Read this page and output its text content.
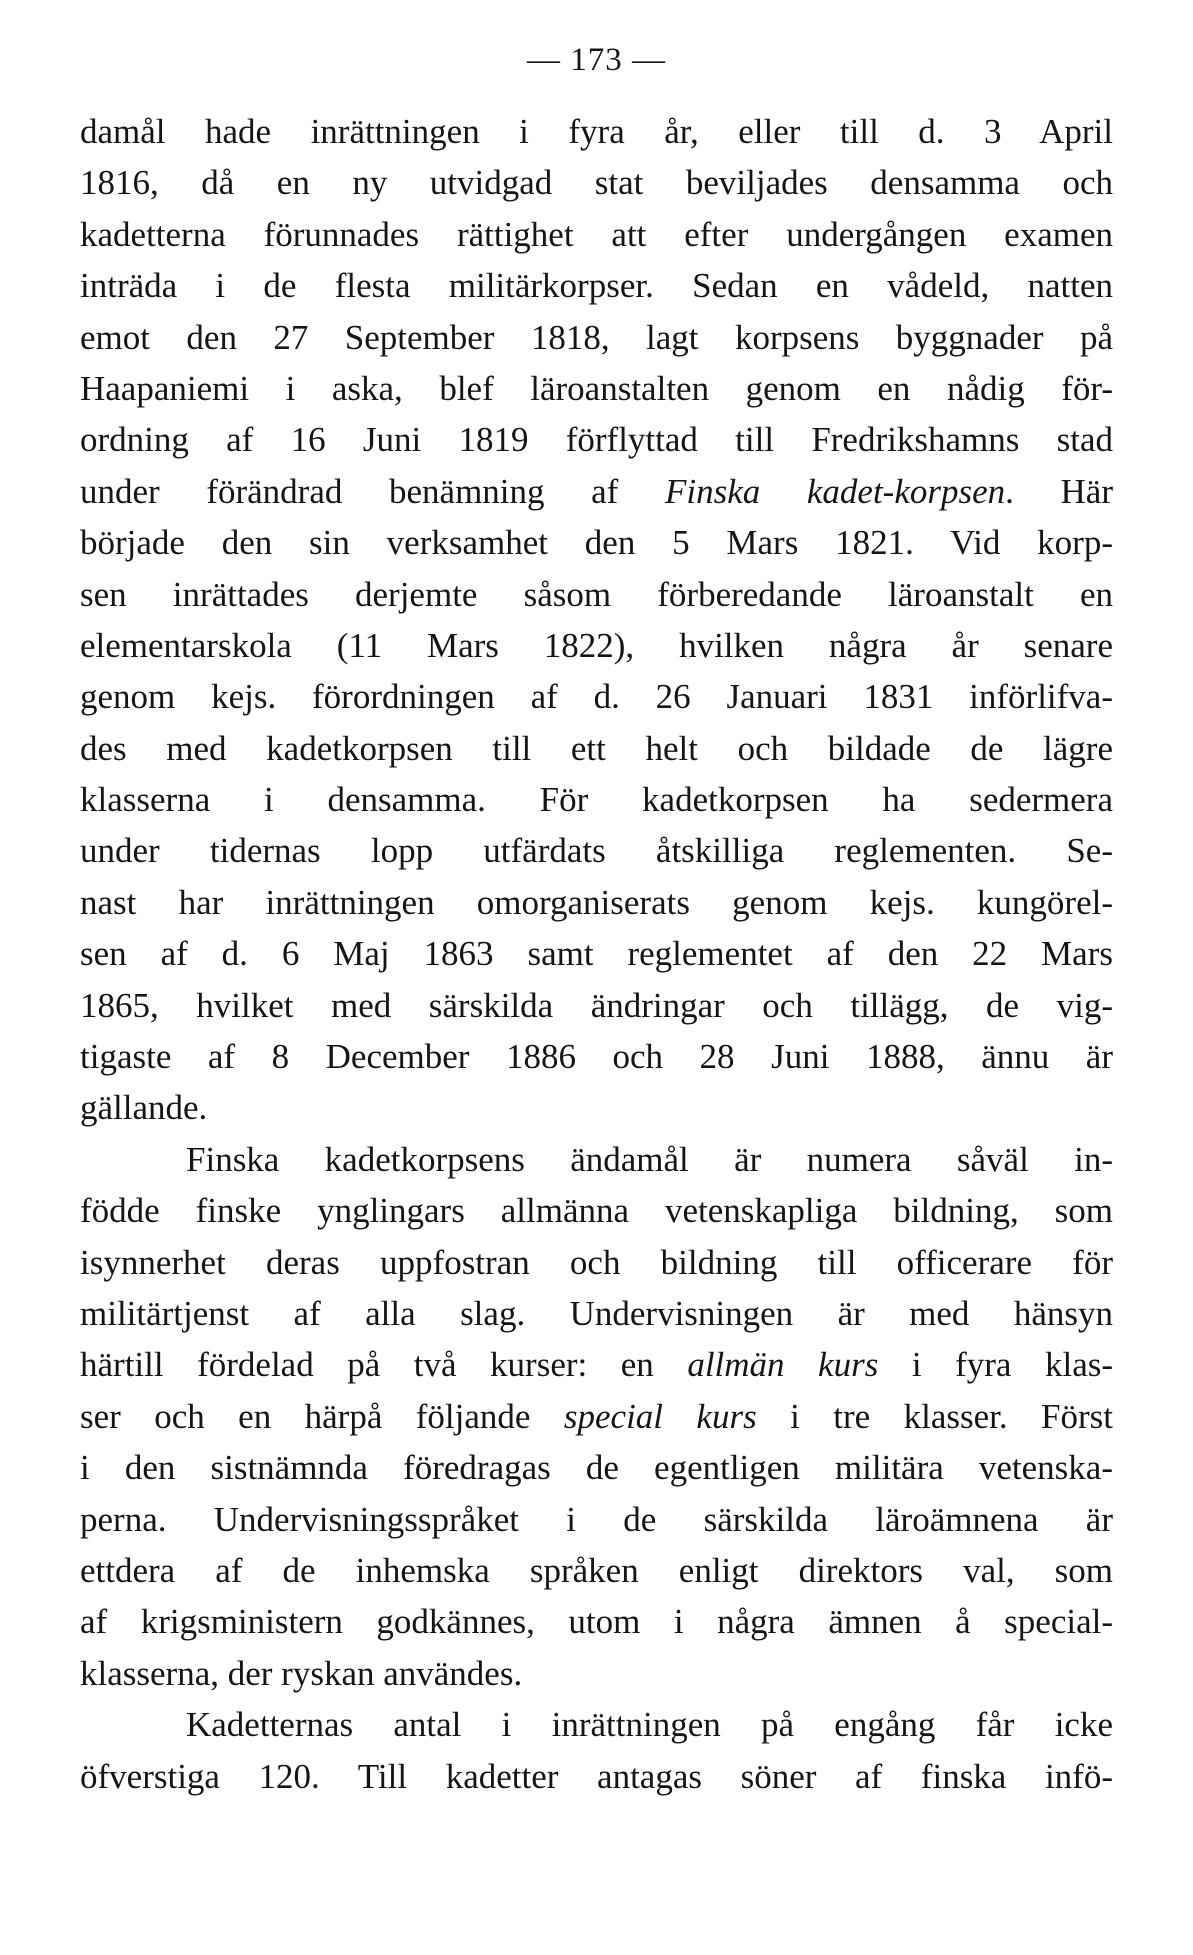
— 173 —
damål hade inrättningen i fyra år, eller till d. 3 April
1816, då en ny utvidgad stat beviljades densamma och
kadetterna förunnades rättighet att efter undergången examen
inträda i de flesta militärkorpser. Sedan en vådeld, natten
emot den 27 September 1818, lagt korpsens byggnader på
Haapaniemi i aska, blef läroanstalten genom en nådig för-
ordning af 16 Juni 1819 förflyttad till Fredrikshamns stad
under förändrad benämning af Finska kadet-korpsen. Här
började den sin verksamhet den 5 Mars 1821. Vid korp-
sen inrättades derjemte såsom förberedande läroanstalt en
elementarskola (11 Mars 1822), hvilken några år senare
genom kejs. förordningen af d. 26 Januari 1831 införlifva-
des med kadetkorpsen till ett helt och bildade de lägre
klasserna i densamma. För kadetkorpsen ha sedermera
under tidernas lopp utfärdats åtskilliga reglementen. Se-
nast har inrättningen omorganiserats genom kejs. kungörel-
sen af d. 6 Maj 1863 samt reglementet af den 22 Mars
1865, hvilket med särskilda ändringar och tillägg, de vig-
tigaste af 8 December 1886 och 28 Juni 1888, ännu är
gällande.
Finska kadetkorpsens ändamål är numera såväl in-
födde finske ynglingars allmänna vetenskapliga bildning, som
isynnerhet deras uppfostran och bildning till officerare för
militärtjenst af alla slag. Undervisningen är med hänsyn
härtill fördelad på två kurser: en allmän kurs i fyra klas-
ser och en härpå följande special kurs i tre klasser. Först
i den sistnämnda föredragas de egentligen militära vetenska-
perna. Undervisningsspråket i de särskilda läroämnena är
ettdera af de inhemska språken enligt direktors val, som
af krigsministern godkännes, utom i några ämnen å special-
klasserna, der ryskan användes.
Kadetternas antal i inrättningen på engång får icke
öfverstiga 120. Till kadetter antagas söner af finska infö-
